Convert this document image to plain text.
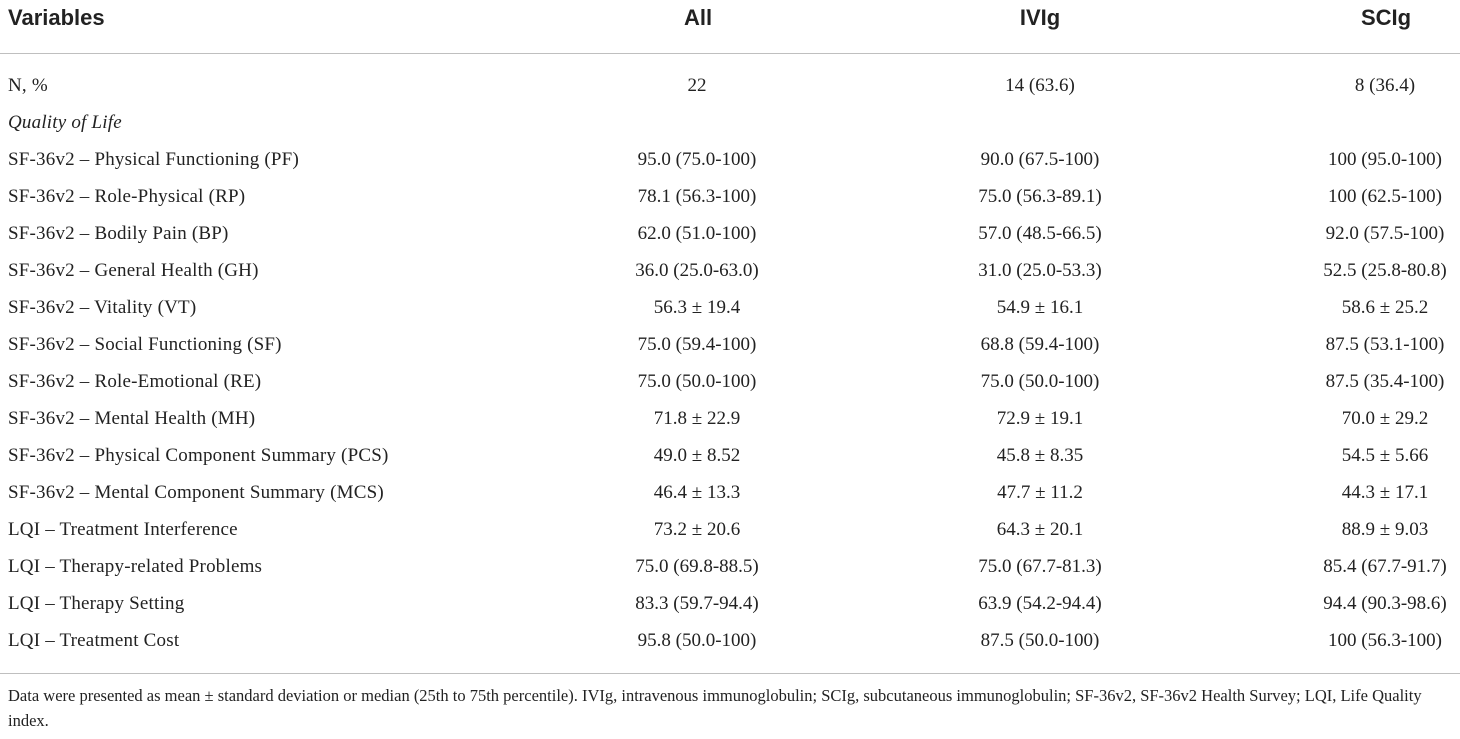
Variables	All	IVIg	SCIg
N, %	22	14 (63.6)	8 (36.4)
Quality of Life
SF-36v2 – Physical Functioning (PF)	95.0 (75.0-100)	90.0 (67.5-100)	100 (95.0-100)
SF-36v2 – Role-Physical (RP)	78.1 (56.3-100)	75.0 (56.3-89.1)	100 (62.5-100)
SF-36v2 – Bodily Pain (BP)	62.0 (51.0-100)	57.0 (48.5-66.5)	92.0 (57.5-100)
SF-36v2 – General Health (GH)	36.0 (25.0-63.0)	31.0 (25.0-53.3)	52.5 (25.8-80.8)
SF-36v2 – Vitality (VT)	56.3 ± 19.4	54.9 ± 16.1	58.6 ± 25.2
SF-36v2 – Social Functioning (SF)	75.0 (59.4-100)	68.8 (59.4-100)	87.5 (53.1-100)
SF-36v2 – Role-Emotional (RE)	75.0 (50.0-100)	75.0 (50.0-100)	87.5 (35.4-100)
SF-36v2 – Mental Health (MH)	71.8 ± 22.9	72.9 ± 19.1	70.0 ± 29.2
SF-36v2 – Physical Component Summary (PCS)	49.0 ± 8.52	45.8 ± 8.35	54.5 ± 5.66
SF-36v2 – Mental Component Summary (MCS)	46.4 ± 13.3	47.7 ± 11.2	44.3 ± 17.1
LQI – Treatment Interference	73.2 ± 20.6	64.3 ± 20.1	88.9 ± 9.03
LQI – Therapy-related Problems	75.0 (69.8-88.5)	75.0 (67.7-81.3)	85.4 (67.7-91.7)
LQI – Therapy Setting	83.3 (59.7-94.4)	63.9 (54.2-94.4)	94.4 (90.3-98.6)
LQI – Treatment Cost	95.8 (50.0-100)	87.5 (50.0-100)	100 (56.3-100)
Data were presented as mean ± standard deviation or median (25th to 75th percentile). IVIg, intravenous immunoglobulin; SCIg, subcutaneous immunoglobulin; SF-36v2, SF-36v2 Health Survey; LQI, Life Quality index.
